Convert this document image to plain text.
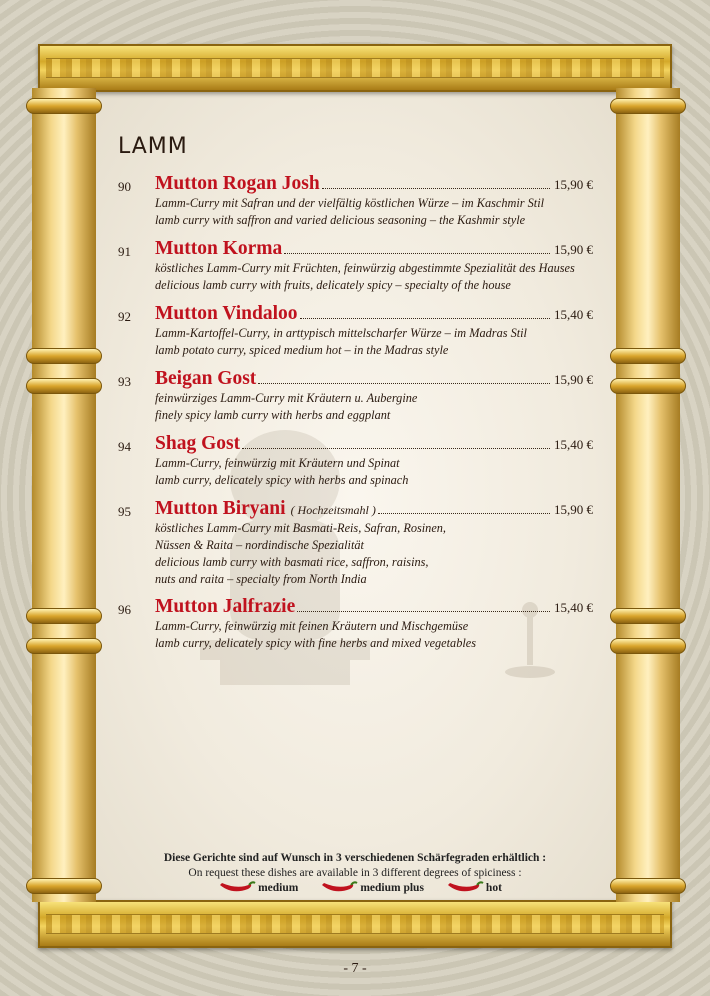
LAMM
90 Mutton Rogan Josh	15,90 €
Lamm-Curry mit Safran und der vielfältig köstlichen Würze – im Kaschmir Stil
lamb curry with saffron and varied delicious seasoning – the Kashmir style
91 Mutton Korma	15,90 €
köstliches Lamm-Curry mit Früchten, feinwürzig abgestimmte Spezialität des Hauses
delicious lamb curry with fruits, delicately spicy – specialty of the house
92 Mutton Vindaloo	15,40 €
Lamm-Kartoffel-Curry, in arttypisch mittelscharfer Würze – im Madras Stil
lamb potato curry, spiced medium hot – in the Madras style
93 Beigan Gost	15,90 €
feinwürziges Lamm-Curry mit Kräutern u. Aubergine
finely spicy lamb curry with herbs and eggplant
94 Shag Gost	15,40 €
Lamm-Curry, feinwürzig mit Kräutern und Spinat
lamb curry, delicately spicy with herbs and spinach
95 Mutton Biryani ( Hochzeitsmahl )	15,90 €
köstliches Lamm-Curry mit Basmati-Reis, Safran, Rosinen,
Nüssen & Raita – nordindische Spezialität
delicious lamb curry with basmati rice, saffron, raisins,
nuts and raita – specialty from North India
96 Mutton Jalfrazie	15,40 €
Lamm-Curry, feinwürzig mit feinen Kräutern und Mischgemüse
lamb curry, delicately spicy with fine herbs and mixed vegetables
Diese Gerichte sind auf Wunsch in 3 verschiedenen Schärfegraden erhältlich :
On request these dishes are available in 3 different degrees of spiciness :
medium	medium plus	hot
- 7 -
